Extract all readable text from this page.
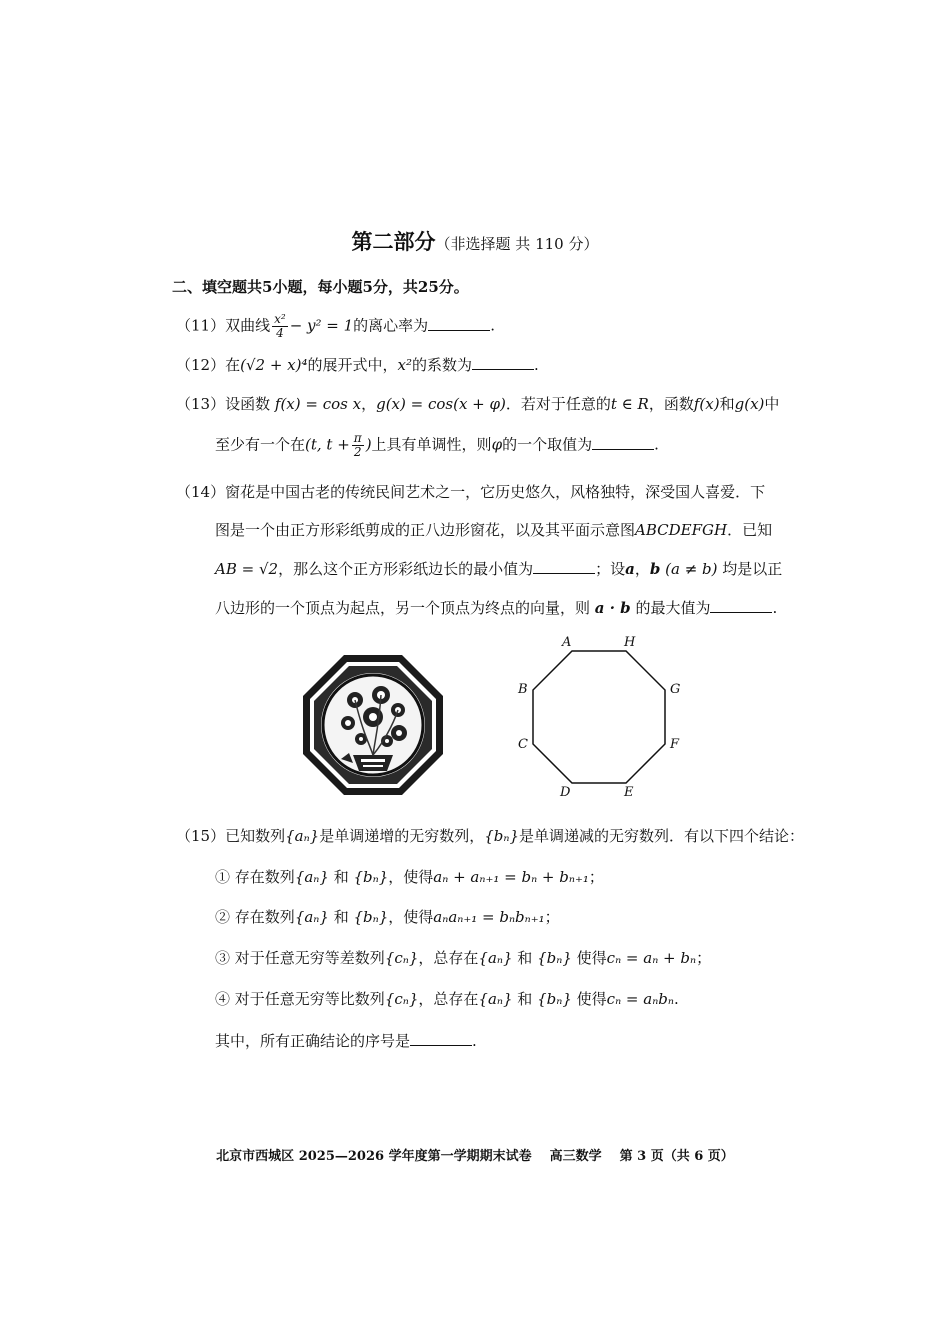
第二部分（非选择题 共 110 分）
二、填空题共5小题，每小题5分，共25分。
（11）双曲线 $\frac{\text{x²}}{4} - y^2 = 1$的离心率为	.
（12）在(√2 + x)⁴的展开式中，x²的系数为	.
（13）设函数 f(x) = cos x，g(x) = cos(x + φ)．若对于任意的t ∈ R，函数f(x)和g(x)中
至少有一个在(t, $t + \frac{\pi}{2}$ )上具有单调性，则φ的一个取值为	.
（14）窗花是中国古老的传统民间艺术之一，它历史悠久，风格独特，深受国人喜爱．下
图是一个由正方形彩纸剪成的正八边形窗花，以及其平面示意图ABCDEFGH．已知
AB = √2，那么这个正方形彩纸边长的最小值为	；设a，b (a ≠ b) 均是以正
八边形的一个顶点为起点，另一个顶点为终点的向量，则 a · b 的最大值为	.
A	H
B	G
C	F
D	E
（15）已知数列{aₙ}是单调递增的无穷数列，{bₙ}是单调递减的无穷数列．有以下四个结论：
① 存在数列{aₙ} 和 {bₙ}，使得aₙ + aₙ₊₁ = bₙ + bₙ₊₁；
② 存在数列{aₙ} 和 {bₙ}，使得aₙaₙ₊₁ = bₙbₙ₊₁；
③ 对于任意无穷等差数列{cₙ}，总存在{aₙ} 和 {bₙ} 使得cₙ = aₙ + bₙ；
④ 对于任意无穷等比数列{cₙ}，总存在{aₙ} 和 {bₙ} 使得cₙ = aₙbₙ.
其中，所有正确结论的序号是	.
北京市西城区 2025—2026 学年度第一学期期末试卷 高三数学 第 3 页（共 6 页）
